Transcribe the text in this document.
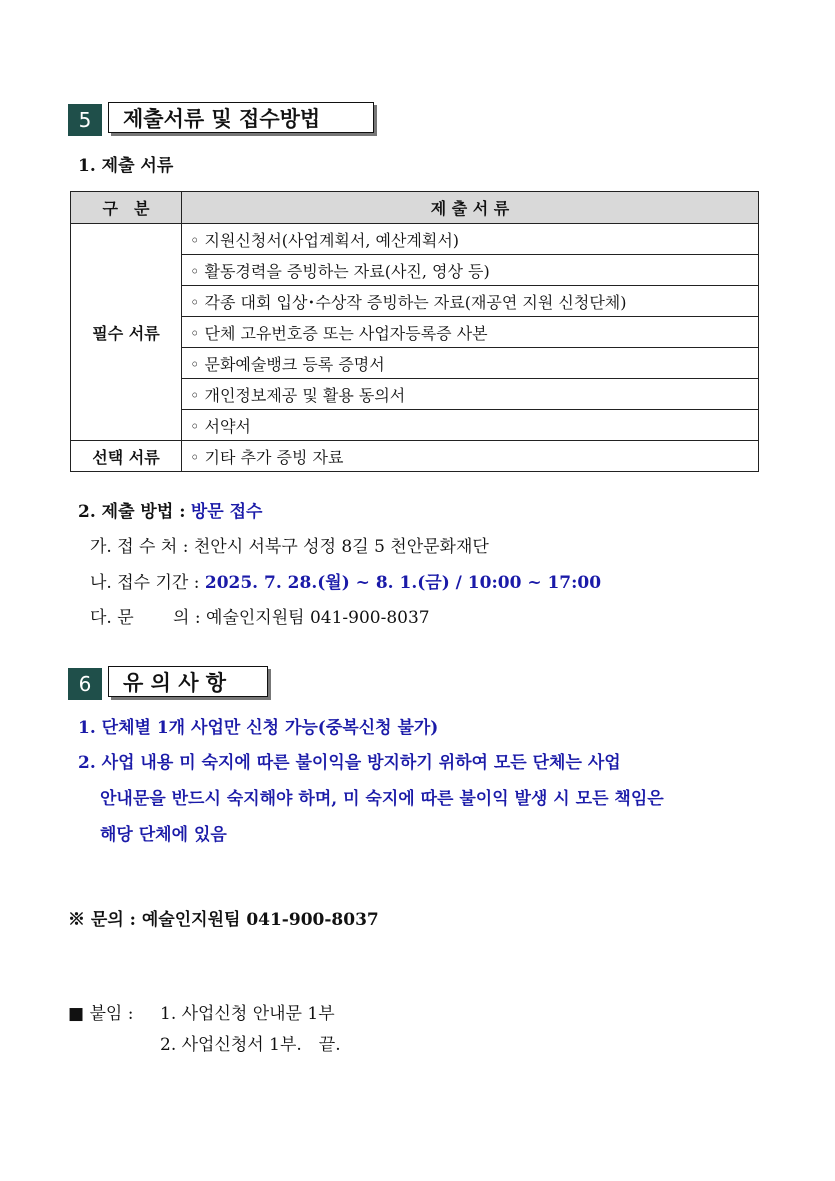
5	제출서류 및 접수방법
1. 제출 서류
구　분	제 출 서 류
필수 서류	◦ 지원신청서(사업계획서, 예산계획서)
	◦ 활동경력을 증빙하는 자료(사진, 영상 등)
	◦ 각종 대회 입상･수상작 증빙하는 자료(재공연 지원 신청단체)
	◦ 단체 고유번호증 또는 사업자등록증 사본
	◦ 문화예술뱅크 등록 증명서
	◦ 개인정보제공 및 활용 동의서
	◦ 서약서
선택 서류	◦ 기타 추가 증빙 자료
2. 제출 방법 : 방문 접수
가. 접 수 처 : 천안시 서북구 성정 8길 5 천안문화재단
나. 접수 기간 : 2025. 7. 28.(월) ~ 8. 1.(금) / 10:00 ~ 17:00
다. 문　　 의 : 예술인지원팀 041-900-8037
6	유 의 사 항
1. 단체별 1개 사업만 신청 가능(중복신청 불가)
2. 사업 내용 미 숙지에 따른 불이익을 방지하기 위하여 모든 단체는 사업
안내문을 반드시 숙지해야 하며, 미 숙지에 따른 불이익 발생 시 모든 책임은
해당 단체에 있음
※ 문의 : 예술인지원팀 041-900-8037
■ 붙임 : 1. 사업신청 안내문 1부
2. 사업신청서 1부.　끝.
